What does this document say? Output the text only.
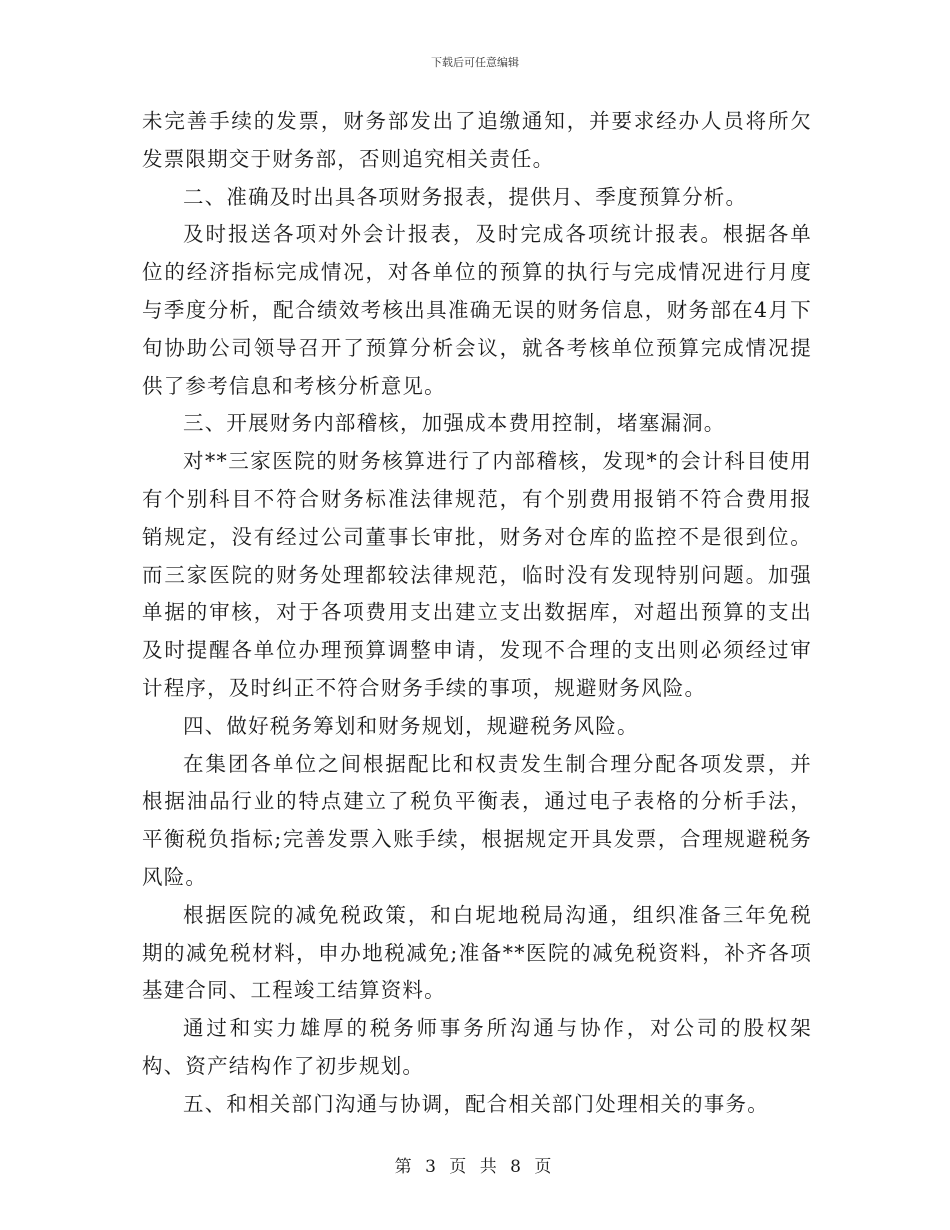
下载后可任意编辑

未完善手续的发票，财务部发出了追缴通知，并要求经办人员将所欠发票限期交于财务部，否则追究相关责任。

二、准确及时出具各项财务报表，提供月、季度预算分析。

及时报送各项对外会计报表，及时完成各项统计报表。根据各单位的经济指标完成情况，对各单位的预算的执行与完成情况进行月度与季度分析，配合绩效考核出具准确无误的财务信息，财务部在4月下旬协助公司领导召开了预算分析会议，就各考核单位预算完成情况提供了参考信息和考核分析意见。

三、开展财务内部稽核，加强成本费用控制，堵塞漏洞。

对**三家医院的财务核算进行了内部稽核，发现*的会计科目使用有个别科目不符合财务标准法律规范，有个别费用报销不符合费用报销规定，没有经过公司董事长审批，财务对仓库的监控不是很到位。而三家医院的财务处理都较法律规范，临时没有发现特别问题。加强单据的审核，对于各项费用支出建立支出数据库，对超出预算的支出及时提醒各单位办理预算调整申请，发现不合理的支出则必须经过审计程序，及时纠正不符合财务手续的事项，规避财务风险。

四、做好税务筹划和财务规划，规避税务风险。

在集团各单位之间根据配比和权责发生制合理分配各项发票，并根据油品行业的特点建立了税负平衡表，通过电子表格的分析手法，平衡税负指标;完善发票入账手续，根据规定开具发票，合理规避税务风险。

根据医院的减免税政策，和白坭地税局沟通，组织准备三年免税期的减免税材料，申办地税减免;准备**医院的减免税资料，补齐各项基建合同、工程竣工结算资料。

通过和实力雄厚的税务师事务所沟通与协作，对公司的股权架构、资产结构作了初步规划。

五、和相关部门沟通与协调，配合相关部门处理相关的事务。

第 3 页 共 8 页
